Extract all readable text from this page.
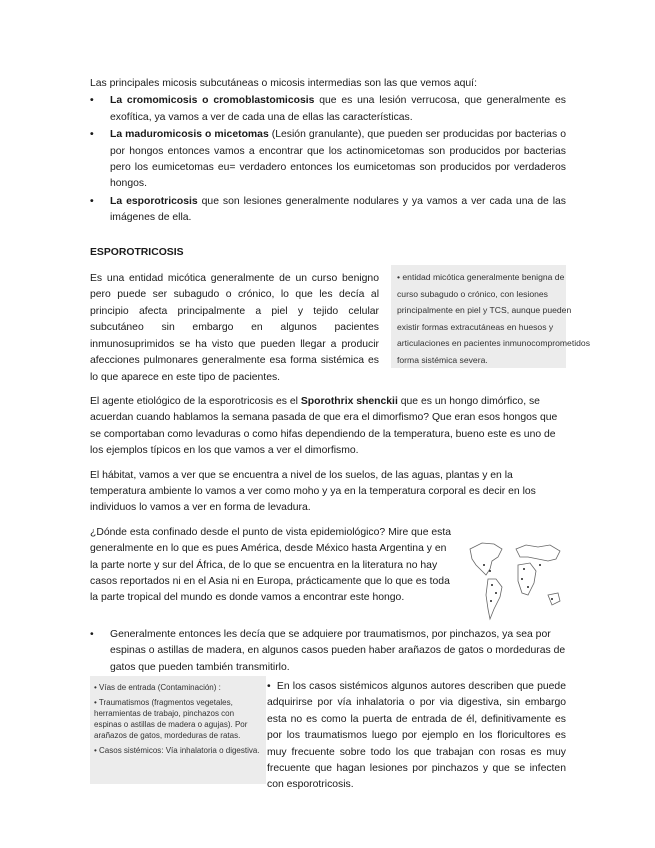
Las principales micosis subcutáneas o micosis intermedias son las que vemos aquí:

• La cromomicosis o cromoblastomicosis que es una lesión verrucosa, que generalmente es exofítica, ya vamos a ver de cada una de ellas las características.
• La maduromicosis o micetomas (Lesión granulante), que pueden ser producidas por bacterias o por hongos entonces vamos a encontrar que los actinomicetomas son producidos por bacterias pero los eumicetomas eu= verdadero entonces los eumicetomas son producidos por verdaderos hongos.
• La esporotricosis que son lesiones generalmente nodulares y ya vamos a ver cada una de las imágenes de ella.

ESPOROTRICOSIS

• entidad micótica generalmente benigna de
curso subagudo o crónico, con lesiones
principalmente en piel y TCS, aunque pueden
existir formas extracutáneas en huesos y
articulaciones en pacientes inmunocomprometidos
forma sistémica severa.

Es una entidad micótica generalmente de un curso benigno pero puede ser subagudo o crónico, lo que les decía al principio afecta principalmente a piel y tejido celular subcutáneo sin embargo en algunos pacientes inmunosuprimidos se ha visto que pueden llegar a producir afecciones pulmonares generalmente esa forma sistémica es lo que aparece en este tipo de pacientes.

El agente etiológico de la esporotricosis es el Sporothrix shenckii que es un hongo dimórfico, se acuerdan cuando hablamos la semana pasada de que era el dimorfismo? Que eran esos hongos que se comportaban como levaduras o como hifas dependiendo de la temperatura, bueno este es uno de los ejemplos típicos en los que vamos a ver el dimorfismo.

El hábitat, vamos a ver que se encuentra a nivel de los suelos, de las aguas, plantas y en la temperatura ambiente lo vamos a ver como moho y ya en la temperatura corporal es decir en los individuos lo vamos a ver en forma de levadura.

¿Dónde esta confinado desde el punto de vista epidemiológico? Mire que esta generalmente en lo que es pues América, desde México hasta Argentina y en la parte norte y sur del África, de lo que se encuentra en la literatura no hay casos reportados ni en el Asia ni en Europa, prácticamente que lo que es toda la parte tropical del mundo es donde vamos a encontrar este hongo.

• Vías de entrada (Contaminación) :
• Traumatismos (fragmentos vegetales, herramientas de trabajo, pinchazos con espinas o astillas de madera o agujas). Por arañazos de gatos, mordeduras de ratas.
• Casos sistémicos: Vía inhalatoria o digestiva.

• Generalmente entonces les decía que se adquiere por traumatismos, por pinchazos, ya sea por espinas o astillas de madera, en algunos casos pueden haber arañazos de gatos o mordeduras de gatos que pueden también transmitirlo.

•  En los casos sistémicos algunos autores describen que puede adquirirse por vía inhalatoria o por via digestiva, sin embargo esta no es como la puerta de entrada de él, definitivamente es por los traumatismos luego por ejemplo en los floricultores es muy frecuente sobre todo los que trabajan con rosas es muy frecuente que hagan lesiones por pinchazos y que se infecten con esporotricosis.
